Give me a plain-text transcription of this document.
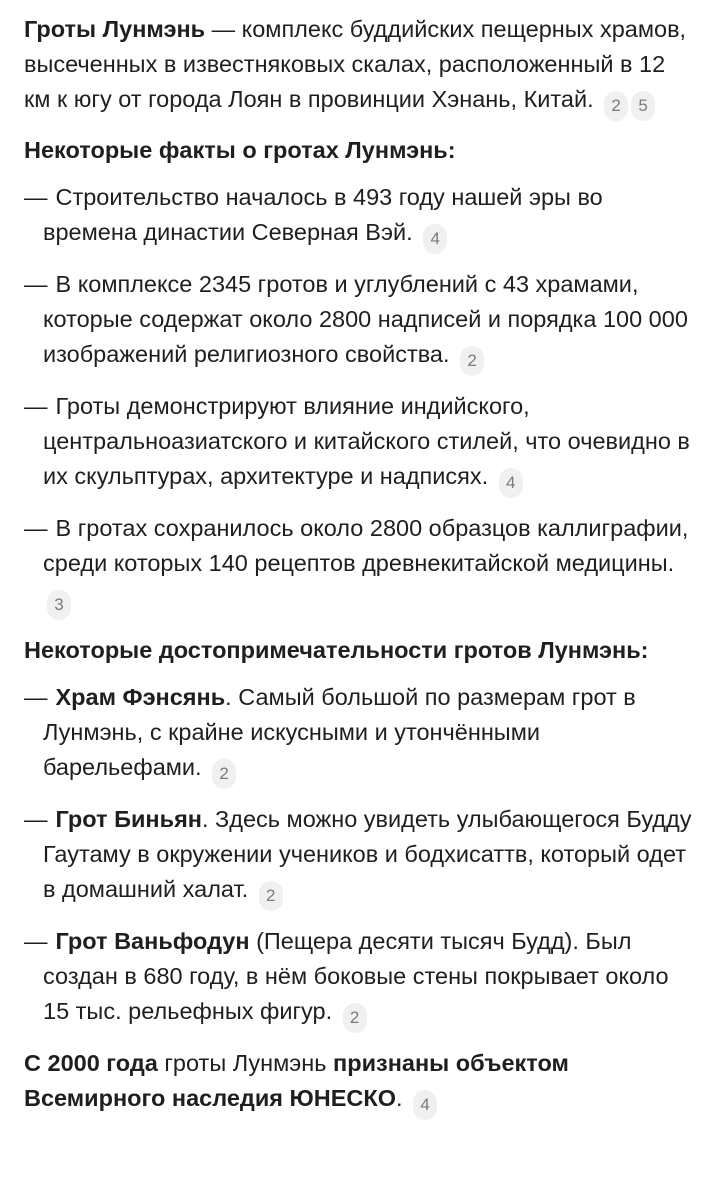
Гроты Лунмэнь — комплекс буддийских пещерных храмов, высеченных в известняковых скалах, расположенный в 12 км к югу от города Лоян в провинции Хэнань, Китай. 2 5

Некоторые факты о гротах Лунмэнь:

— Строительство началось в 493 году нашей эры во времена династии Северная Вэй. 4
— В комплексе 2345 гротов и углублений с 43 храмами, которые содержат около 2800 надписей и порядка 100 000 изображений религиозного свойства. 2
— Гроты демонстрируют влияние индийского, центральноазиатского и китайского стилей, что очевидно в их скульптурах, архитектуре и надписях. 4
— В гротах сохранилось около 2800 образцов каллиграфии, среди которых 140 рецептов древнекитайской медицины. 3

Некоторые достопримечательности гротов Лунмэнь:

— Храм Фэнсянь. Самый большой по размерам грот в Лунмэнь, с крайне искусными и утончёнными барельефами. 2
— Грот Биньян. Здесь можно увидеть улыбающегося Будду Гаутаму в окружении учеников и бодхисаттв, который одет в домашний халат. 2
— Грот Ваньфодун (Пещера десяти тысяч Будд). Был создан в 680 году, в нём боковые стены покрывает около 15 тыс. рельефных фигур. 2

С 2000 года гроты Лунмэнь признаны объектом Всемирного наследия ЮНЕСКО. 4
